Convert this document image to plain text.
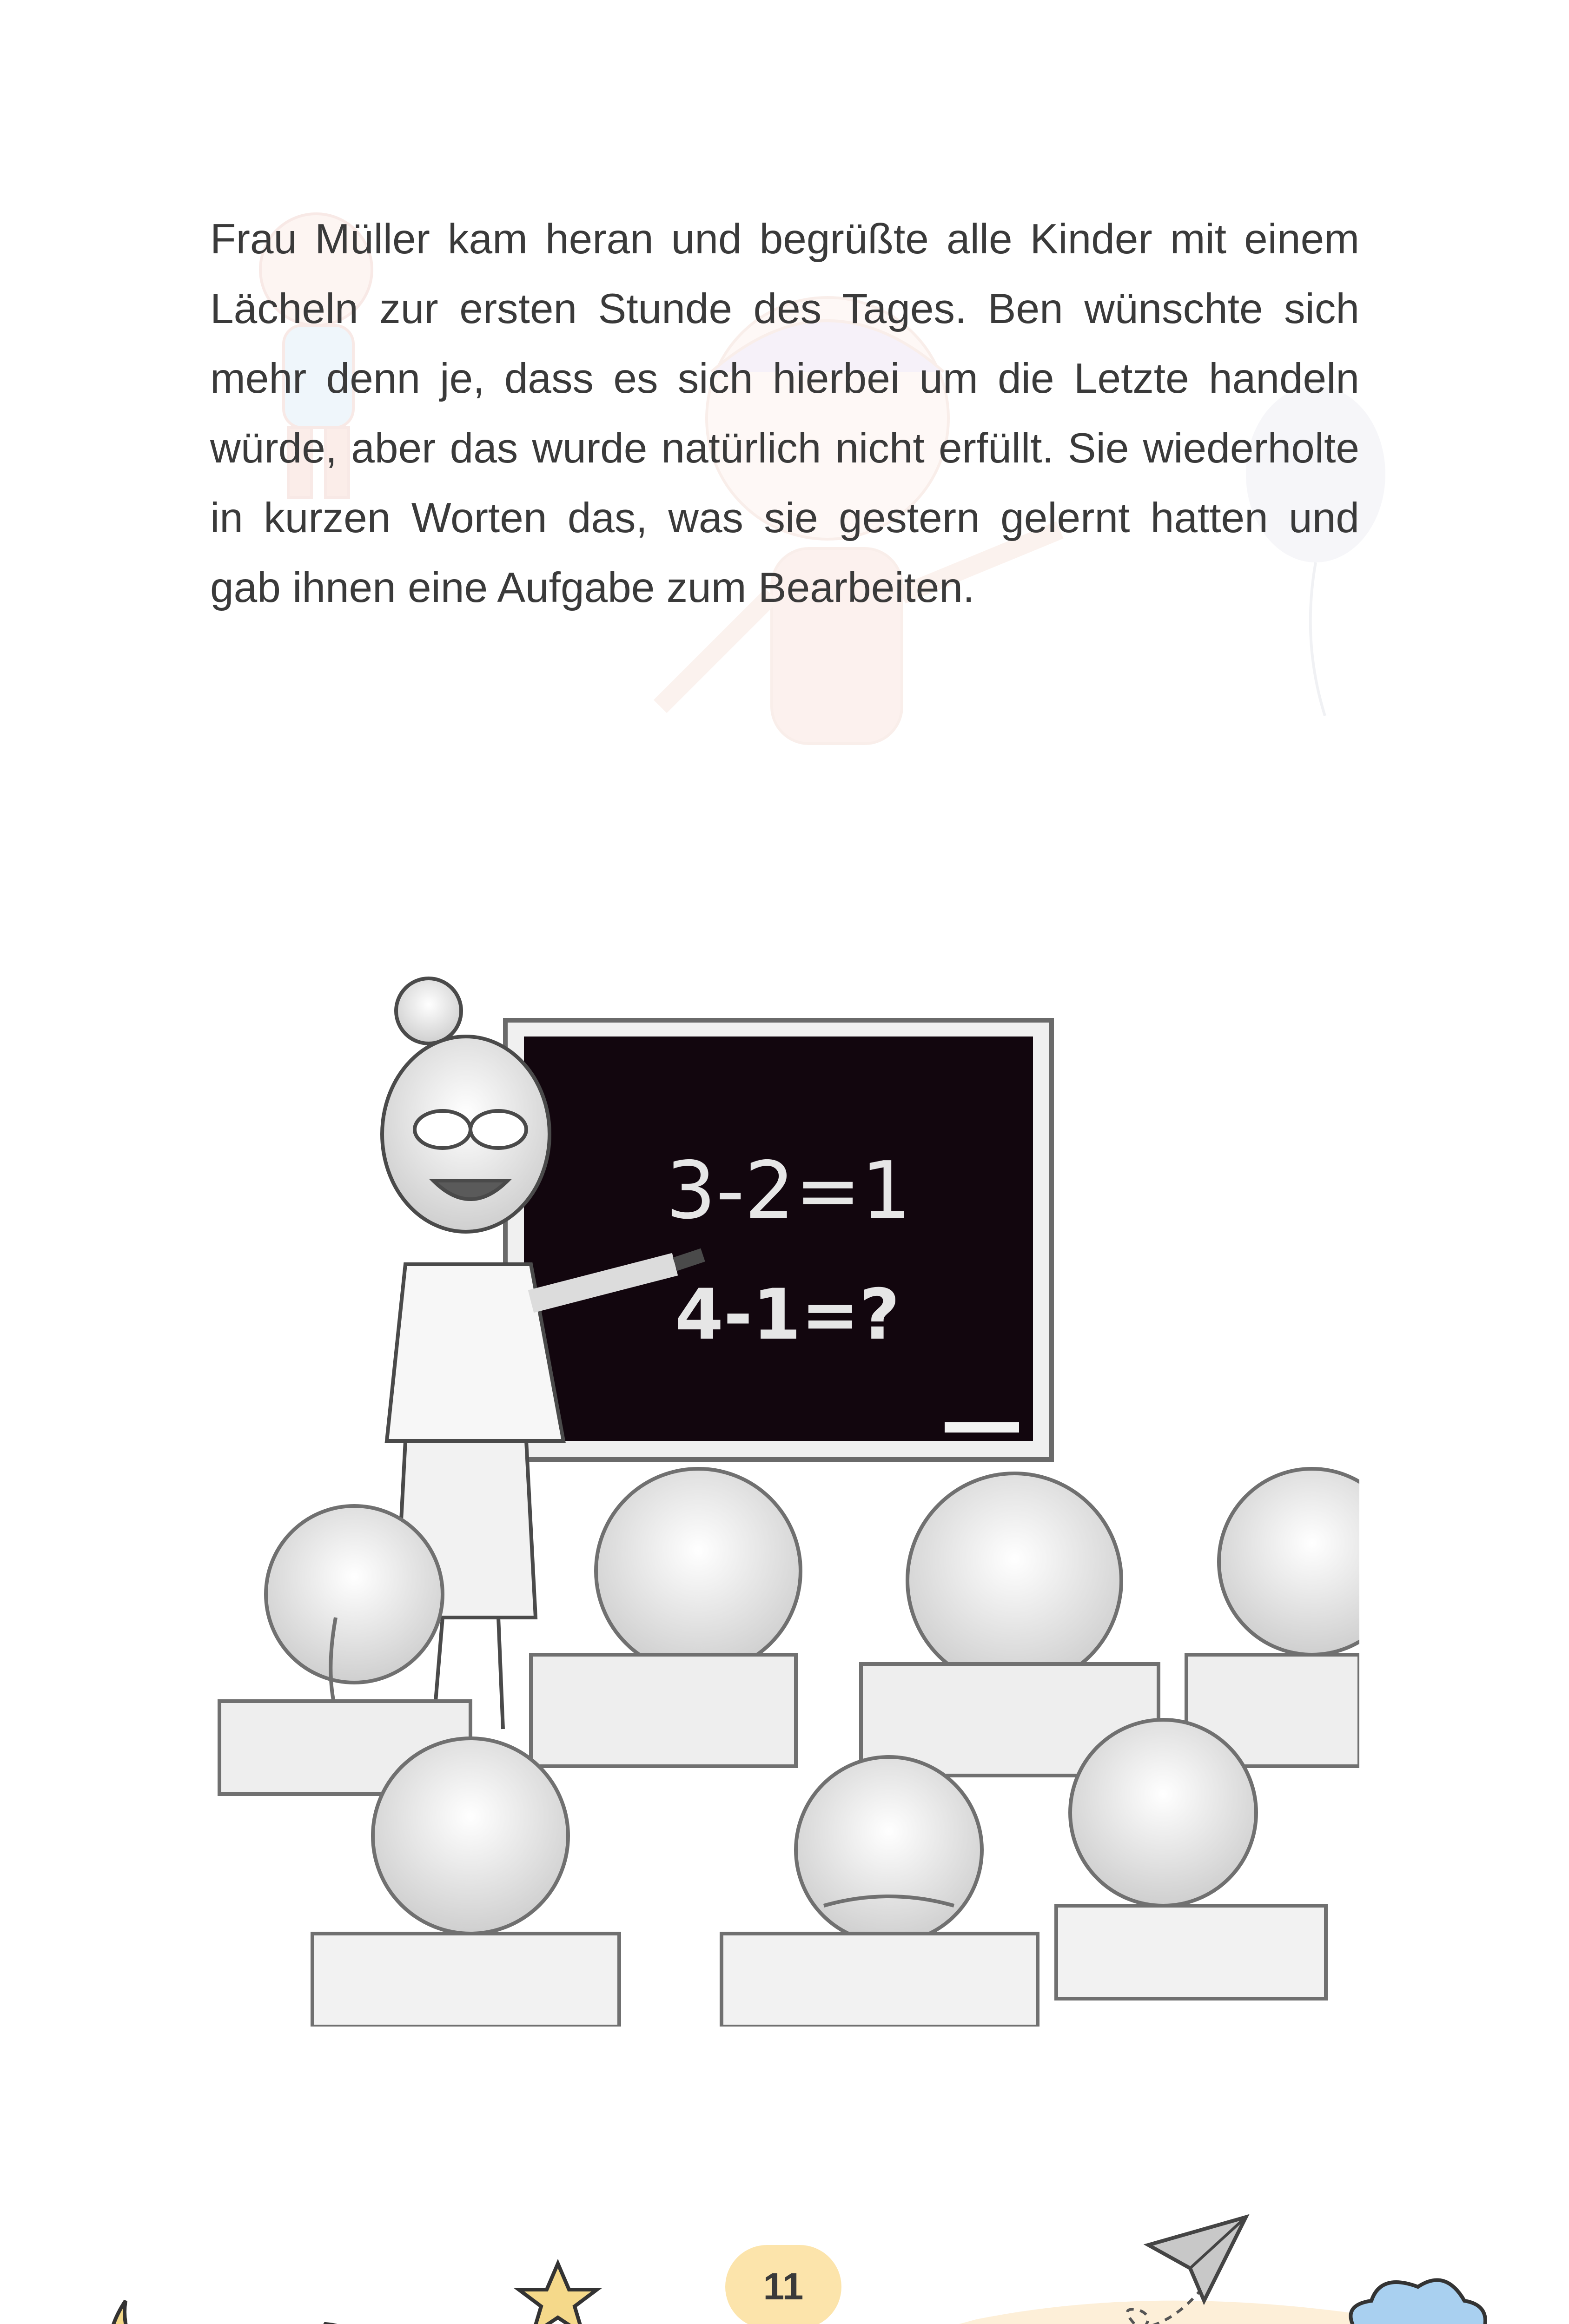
Frau Müller kam heran und begrüßte alle Kinder mit einem Lächeln zur ersten Stunde des Tages. Ben wünschte sich mehr denn je, dass es sich hierbei um die Letzte handeln würde, aber das wurde natürlich nicht erfüllt. Sie wiederholte in kurzen Worten das, was sie gestern gelernt hatten und gab ihnen eine Aufgabe zum Bearbeiten.

3-2=1
4-1=?
11
